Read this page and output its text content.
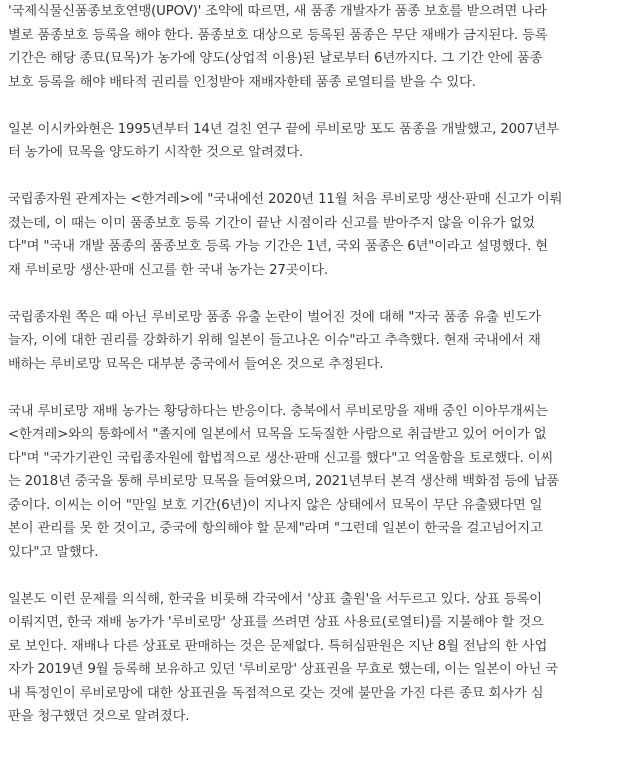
'국제식물신품종보호연맹(UPOV)' 조약에 따르면, 새 품종 개발자가 품종 보호를 받으려면 나라
별로 품종보호 등록을 해야 한다. 품종보호 대상으로 등록된 품종은 무단 재배가 금지된다. 등록
기간은 해당 종묘(묘목)가 농가에 양도(상업적 이용)된 날로부터 6년까지다. 그 기간 안에 품종
보호 등록을 해야 배타적 권리를 인정받아 재배자한테 품종 로열티를 받을 수 있다.
일본 이시카와현은 1995년부터 14년 걸친 연구 끝에 루비로망 포도 품종을 개발했고, 2007년부
터 농가에 묘목을 양도하기 시작한 것으로 알려졌다.
국립종자원 관계자는 <한겨레>에 "국내에선 2020년 11월 처음 루비로망 생산·판매 신고가 이뤄
졌는데, 이 때는 이미 품종보호 등록 기간이 끝난 시점이라 신고를 받아주지 않을 이유가 없었
다"며 "국내 개발 품종의 품종보호 등록 가능 기간은 1년, 국외 품종은 6년"이라고 설명했다. 현
재 루비로망 생산·판매 신고를 한 국내 농가는 27곳이다.
국립종자원 쪽은 때 아닌 루비로망 품종 유출 논란이 벌어진 것에 대해 "자국 품종 유출 빈도가
늘자, 이에 대한 권리를 강화하기 위해 일본이 들고나온 이슈"라고 추측했다. 현재 국내에서 재
배하는 루비로망 묘목은 대부분 중국에서 들여온 것으로 추정된다.
국내 루비로망 재배 농가는 황당하다는 반응이다. 충북에서 루비로망을 재배 중인 이아무개씨는
<한겨레>와의 통화에서 "졸지에 일본에서 묘목을 도둑질한 사람으로 취급받고 있어 어이가 없
다"며 "국가기관인 국립종자원에 합법적으로 생산·판매 신고를 했다"고 억울함을 토로했다. 이씨
는 2018년 중국을 통해 루비로망 묘목을 들여왔으며, 2021년부터 본격 생산해 백화점 등에 납품
중이다. 이씨는 이어 "만일 보호 기간(6년)이 지나지 않은 상태에서 묘목이 무단 유출됐다면 일
본이 관리를 못 한 것이고, 중국에 항의해야 할 문제"라며 "그런데 일본이 한국을 걸고넘어지고
있다"고 말했다.
일본도 이런 문제를 의식해, 한국을 비롯해 각국에서 '상표 출원'을 서두르고 있다. 상표 등록이
이뤄지면, 한국 재배 농가가 '루비로망' 상표를 쓰려면 상표 사용료(로열티)를 지불해야 할 것으
로 보인다. 재배나 다른 상표로 판매하는 것은 문제없다. 특허심판원은 지난 8월 전남의 한 사업
자가 2019년 9월 등록해 보유하고 있던 '루비로망' 상표권을 무효로 했는데, 이는 일본이 아닌 국
내 특정인이 루비로망에 대한 상표권을 독점적으로 갖는 것에 불만을 가진 다른 종묘 회사가 심
판을 청구했던 것으로 알려졌다.
